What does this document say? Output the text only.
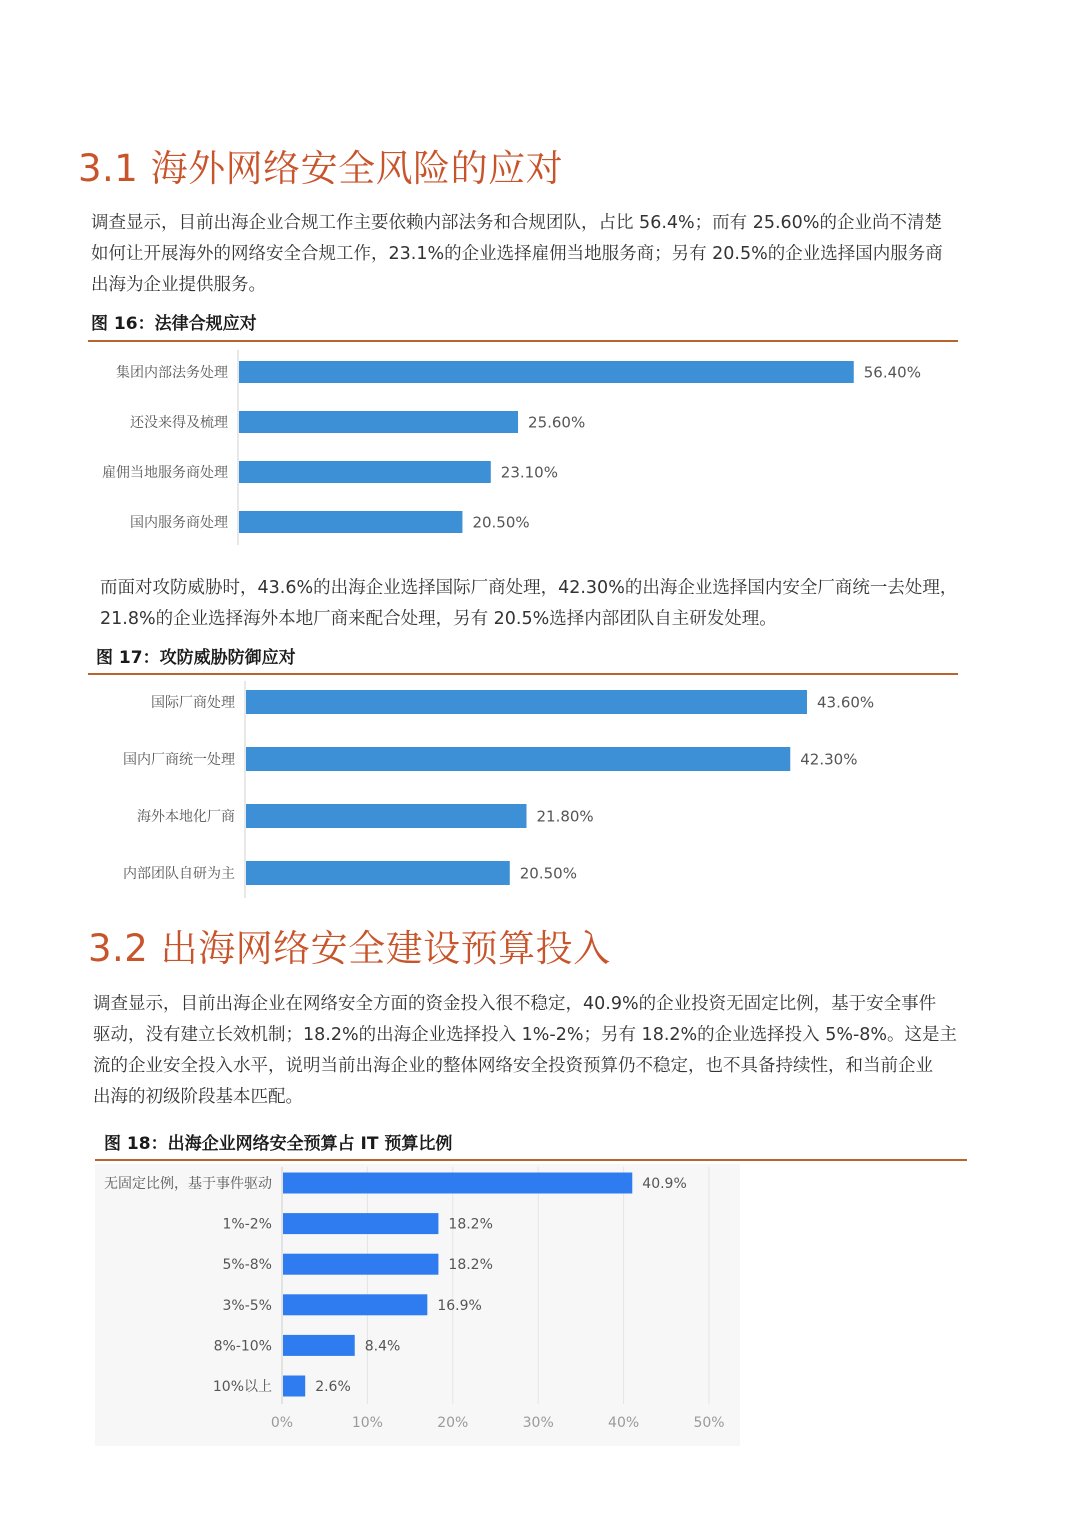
3.1 海外网络安全风险的应对
调查显示，目前出海企业合规工作主要依赖内部法务和合规团队，占比 56.4%；而有 25.60%的企业尚不清楚
如何让开展海外的网络安全合规工作，23.1%的企业选择雇佣当地服务商；另有 20.5%的企业选择国内服务商
出海为企业提供服务。
图 16：法律合规应对
集团内部法务处理	56.40%
还没来得及梳理	25.60%
雇佣当地服务商处理	23.10%
国内服务商处理	20.50%
而面对攻防威胁时，43.6%的出海企业选择国际厂商处理，42.30%的出海企业选择国内安全厂商统一去处理，
21.8%的企业选择海外本地厂商来配合处理，另有 20.5%选择内部团队自主研发处理。
图 17：攻防威胁防御应对
国际厂商处理	43.60%
国内厂商统一处理	42.30%
海外本地化厂商	21.80%
内部团队自研为主	20.50%
3.2 出海网络安全建设预算投入
调查显示，目前出海企业在网络安全方面的资金投入很不稳定，40.9%的企业投资无固定比例，基于安全事件
驱动，没有建立长效机制；18.2%的出海企业选择投入 1%-2%；另有 18.2%的企业选择投入 5%-8%。这是主
流的企业安全投入水平，说明当前出海企业的整体网络安全投资预算仍不稳定，也不具备持续性，和当前企业
出海的初级阶段基本匹配。
图 18：出海企业网络安全预算占 IT 预算比例
0%	10%	20%	30%	40%	50%
无固定比例，基于事件驱动	40.9%
1%-2%	18.2%
5%-8%	18.2%
3%-5%	16.9%
8%-10%	8.4%
10%以上	2.6%
